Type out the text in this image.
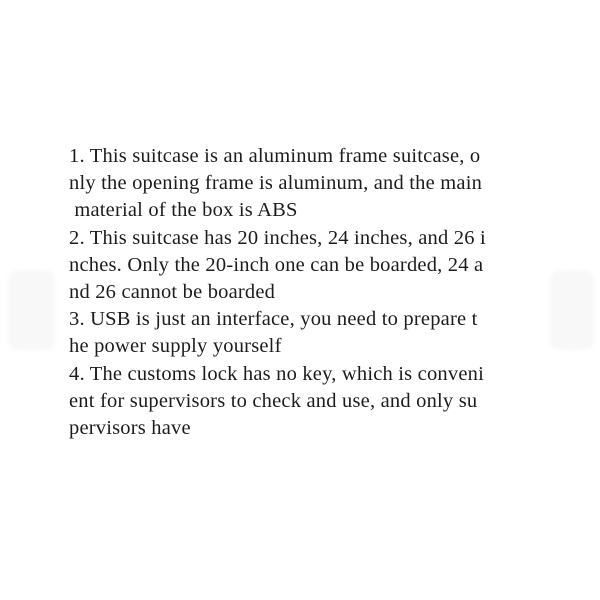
1. This suitcase is an aluminum frame suitcase, o
nly the opening frame is aluminum, and the main
material of the box is ABS
2. This suitcase has 20 inches, 24 inches, and 26 i
nches. Only the 20-inch one can be boarded, 24 a
nd 26 cannot be boarded
3. USB is just an interface, you need to prepare t
he power supply yourself
4. The customs lock has no key, which is conveni
ent for supervisors to check and use, and only su
pervisors have
